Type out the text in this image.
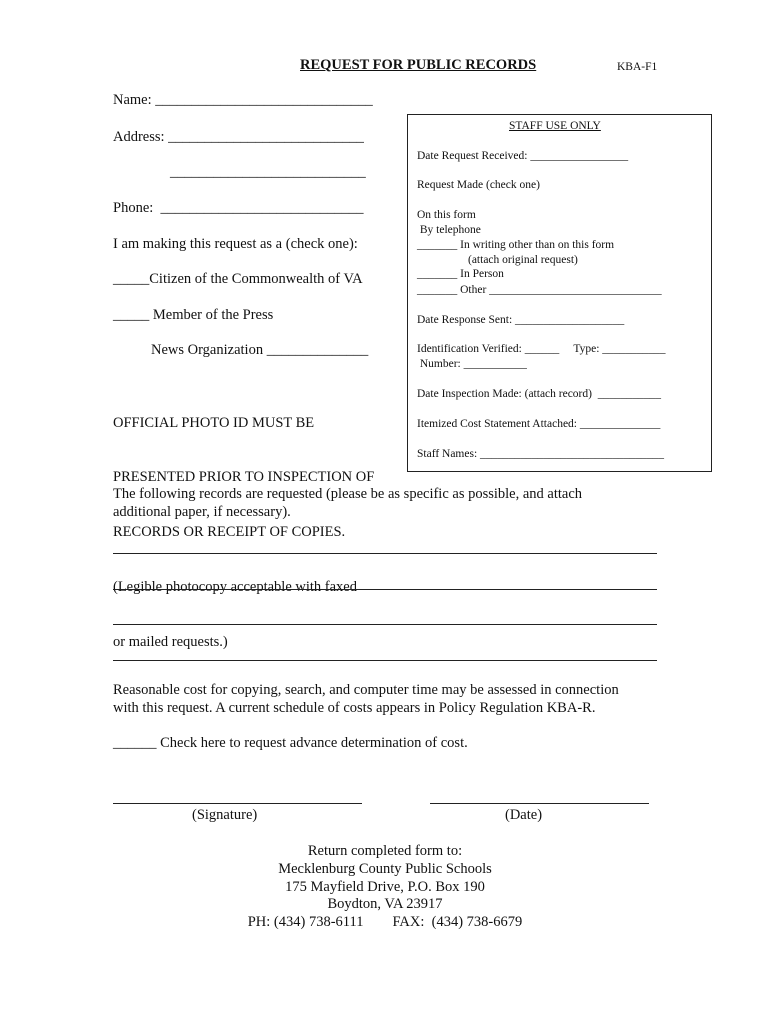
REQUEST FOR PUBLIC RECORDS	KBA-F1
Name: ______________________________
Address: ___________________________
___________________________
Phone:  ____________________________
I am making this request as a (check one):
_____Citizen of the Commonwealth of VA
_____ Member of the Press
News Organization ______________

OFFICIAL PHOTO ID MUST BE

PRESENTED PRIOR TO INSPECTION OF

RECORDS OR RECEIPT OF COPIES.

(Legible photocopy acceptable with faxed

or mailed requests.)

STAFF USE ONLY
Date Request Received: _________________
Request Made (check one)
On this form
By telephone
_______ In writing other than on this form
(attach original request)
_______ In Person
_______ Other ______________________________
Date Response Sent: ___________________
Identification Verified: ______     Type: ___________
Number: ___________
Date Inspection Made: (attach record)  ___________
Itemized Cost Statement Attached: ______________
Staff Names: ________________________________
The following records are requested (please be as specific as possible, and attach
additional paper, if necessary).
Reasonable cost for copying, search, and computer time may be assessed in connection
with this request. A current schedule of costs appears in Policy Regulation KBA-R.
______ Check here to request advance determination of cost.
(Signature)	(Date)
Return completed form to:
Mecklenburg County Public Schools
175 Mayfield Drive, P.O. Box 190
Boydton, VA 23917
PH: (434) 738-6111        FAX:  (434) 738-6679
